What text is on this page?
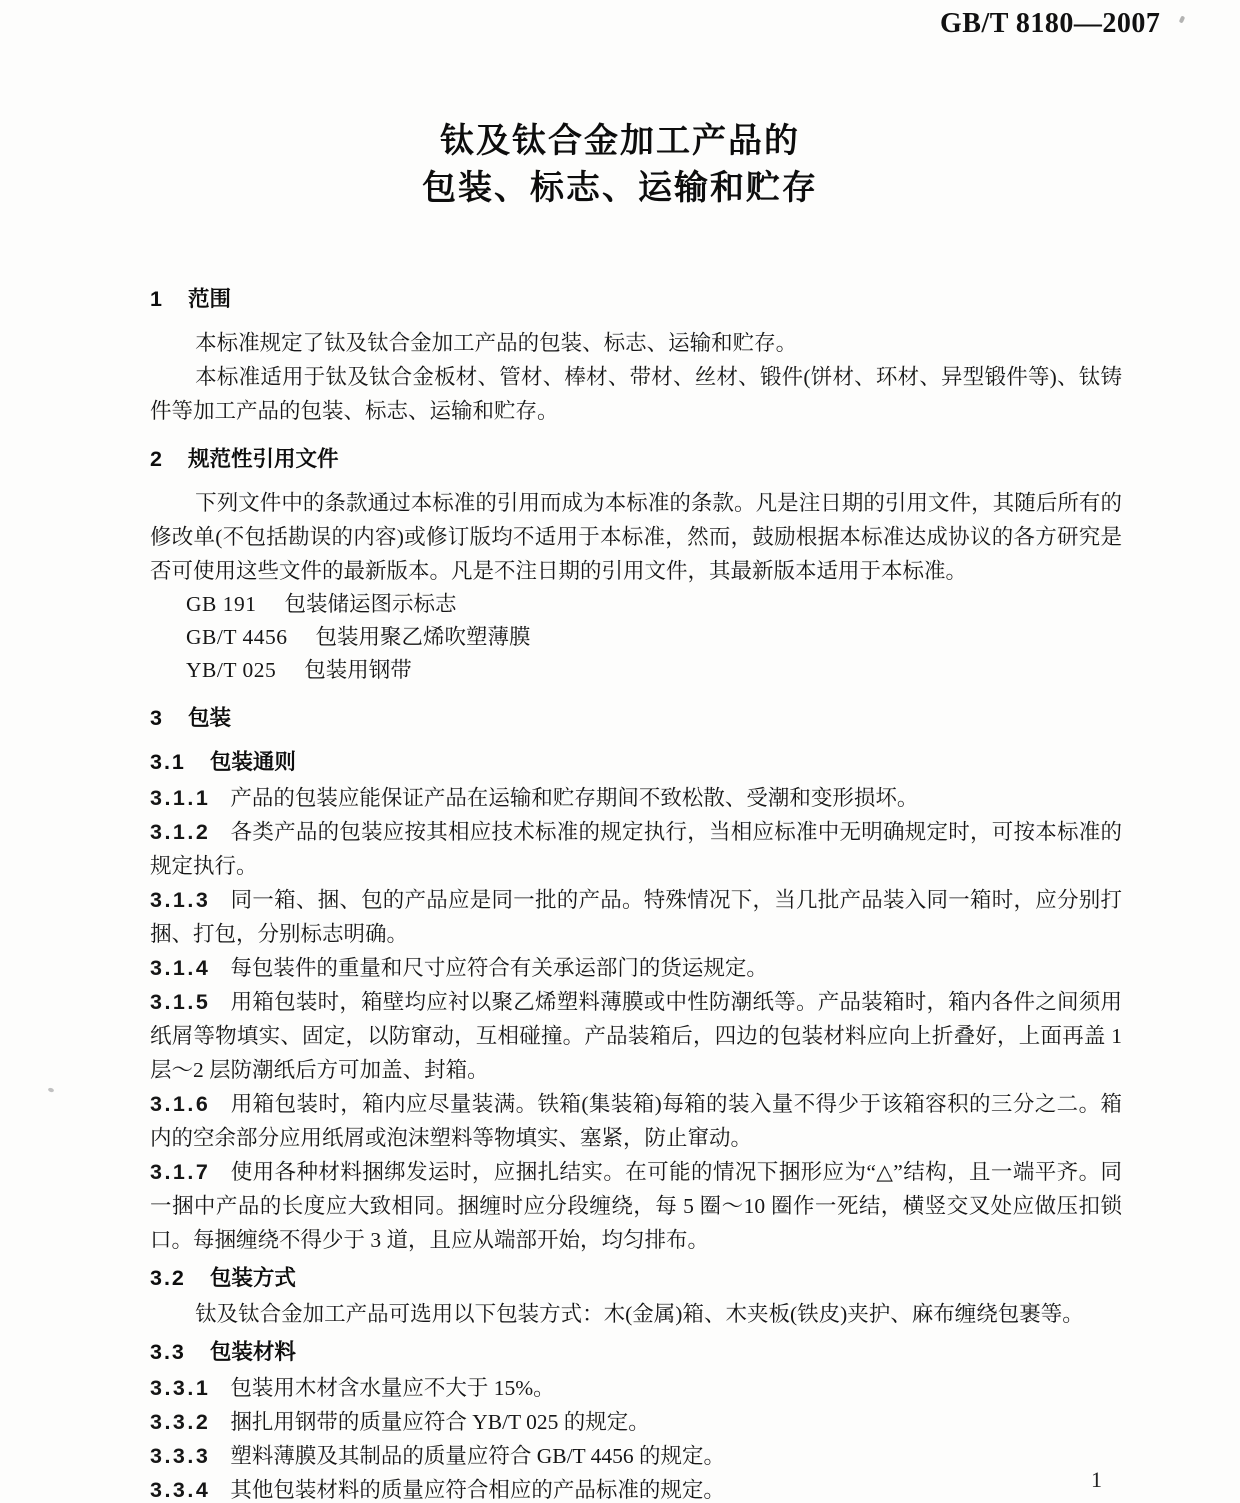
GB/T 8180—2007
钛及钛合金加工产品的
包装、标志、运输和贮存
1 范围

本标准规定了钛及钛合金加工产品的包装、标志、运输和贮存。

本标准适用于钛及钛合金板材、管材、棒材、带材、丝材、锻件(饼材、环材、异型锻件等)、钛铸件等加工产品的包装、标志、运输和贮存。

2 规范性引用文件

下列文件中的条款通过本标准的引用而成为本标准的条款。凡是注日期的引用文件，其随后所有的修改单(不包括勘误的内容)或修订版均不适用于本标准，然而，鼓励根据本标准达成协议的各方研究是否可使用这些文件的最新版本。凡是不注日期的引用文件，其最新版本适用于本标准。

GB 191 包装储运图示标志

GB/T 4456 包装用聚乙烯吹塑薄膜

YB/T 025 包装用钢带

3 包装
3.1 包装通则

3.1.1 产品的包装应能保证产品在运输和贮存期间不致松散、受潮和变形损坏。

3.1.2 各类产品的包装应按其相应技术标准的规定执行，当相应标准中无明确规定时，可按本标准的规定执行。

3.1.3 同一箱、捆、包的产品应是同一批的产品。特殊情况下，当几批产品装入同一箱时，应分别打捆、打包，分别标志明确。

3.1.4 每包装件的重量和尺寸应符合有关承运部门的货运规定。

3.1.5 用箱包装时，箱壁均应衬以聚乙烯塑料薄膜或中性防潮纸等。产品装箱时，箱内各件之间须用纸屑等物填实、固定，以防窜动，互相碰撞。产品装箱后，四边的包装材料应向上折叠好，上面再盖 1 层～2 层防潮纸后方可加盖、封箱。

3.1.6 用箱包装时，箱内应尽量装满。铁箱(集装箱)每箱的装入量不得少于该箱容积的三分之二。箱内的空余部分应用纸屑或泡沫塑料等物填实、塞紧，防止窜动。

3.1.7 使用各种材料捆绑发运时，应捆扎结实。在可能的情况下捆形应为“△”结构，且一端平齐。同一捆中产品的长度应大致相同。捆缠时应分段缠绕，每 5 圈～10 圈作一死结，横竖交叉处应做压扣锁口。每捆缠绕不得少于 3 道，且应从端部开始，均匀排布。

3.2 包装方式

钛及钛合金加工产品可选用以下包装方式：木(金属)箱、木夹板(铁皮)夹护、麻布缠绕包裹等。

3.3 包装材料

3.3.1 包装用木材含水量应不大于 15%。

3.3.2 捆扎用钢带的质量应符合 YB/T 025 的规定。

3.3.3 塑料薄膜及其制品的质量应符合 GB/T 4456 的规定。

3.3.4 其他包装材料的质量应符合相应的产品标准的规定。	1
